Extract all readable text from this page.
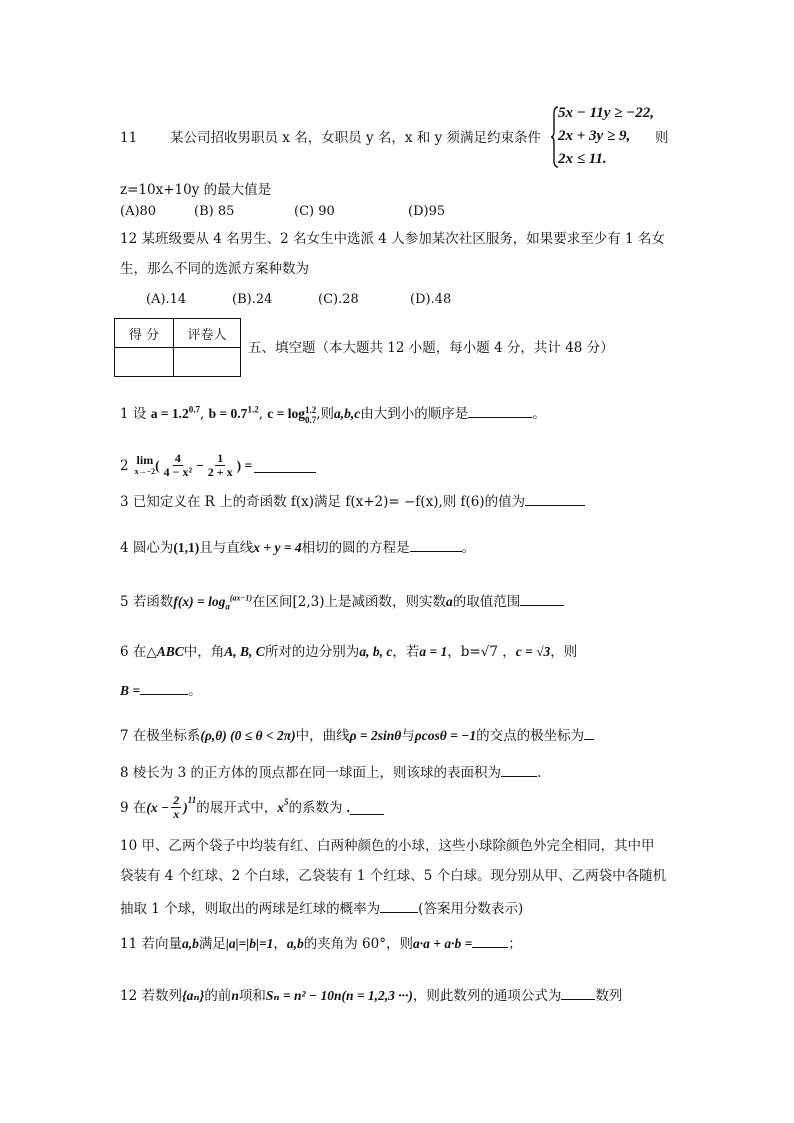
11 某公司招收男职员 x 名，女职员 y 名，x 和 y 须满足约束条件
5x − 11y ≥ −22,
2x + 3y ≥ 9,
2x ≤ 11.
则
z=10x+10y 的最大值是
(A)80	(B) 85	(C) 90	(D)95
12 某班级要从 4 名男生、2 名女生中选派 4 人参加某次社区服务，如果要求至少有 1 名女
生，那么不同的选派方案种数为
(A).14	(B).24	(C).28	(D).48
得 分	评卷人

五、填空题（本大题共 12 小题，每小题 4 分，共计 48 分）
1 设 $a = 1.2^{0.7}$, $b = 0.7^{1.2}$, c = log 1.2
0.7 ,则a,b,c由大到小的顺序是	。
2 lim
x→−2 ( $\frac{4}{\text{4 − x²}} - \frac{1}{2 + x}$ ) =
3 已知定义在 R 上的奇函数 f(x)满足 f(x+2)= −f(x),则 f(6)的值为
4 圆心为(1,1)且与直线x + y = 4相切的圆的方程是	。
5 若函数$f(x) = \log_a^{(ax-1)}$在区间[2,3)上是减函数，则实数a的取值范围
6 在△ABC中，角A, B, C所对的边分别为a, b, c，若a = 1，b=√7 ，c = √3，则
B =	。
7 在极坐标系(ρ,θ) (0 ≤ θ < 2π)中，曲线ρ = 2sinθ与ρcosθ = −1的交点的极坐标为
8 棱长为 3 的正方体的顶点都在同一球面上，则该球的表面积为	.
9 在 $(x - \frac{2}{x} )^{11}$ 的展开式中， $x^5$ 的系数为 .
10 甲、乙两个袋子中均装有红、白两种颜色的小球，这些小球除颜色外完全相同，其中甲
袋装有 4 个红球、2 个白球，乙袋装有 1 个红球、5 个白球。现分别从甲、乙两袋中各随机
抽取 1 个球，则取出的两球是红球的概率为	(答案用分数表示)
11 若向量a,b满足|a|=|b|=1，a,b的夹角为 60°，则a·a + a·b =	；
12 若数列{aₙ}的前n项和Sₙ = n² − 10n(n = 1,2,3 ···)，则此数列的通项公式为	数列
